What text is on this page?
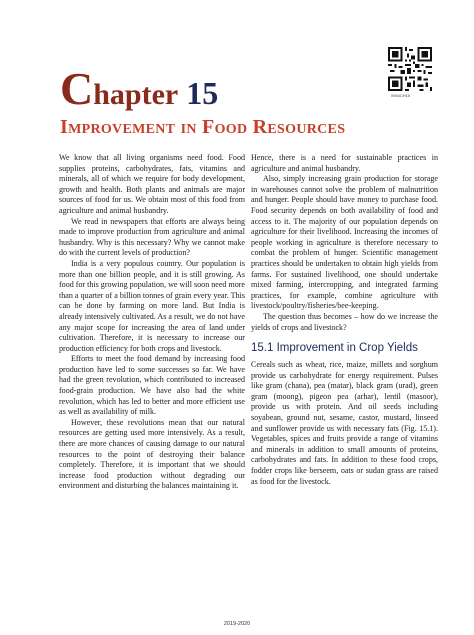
Chapter 15
Improvement in Food Resources
0964CH15

We know that all living organisms need food. Food supplies proteins, carbohydrates, fats, vitamins and minerals, all of which we require for body development, growth and health. Both plants and animals are major sources of food for us. We obtain most of this food from agriculture and animal husbandry.

We read in newspapers that efforts are always being made to improve production from agriculture and animal husbandry. Why is this necessary? Why we cannot make do with the current levels of production?

India is a very populous country. Our population is more than one billion people, and it is still growing. As food for this growing population, we will soon need more than a quarter of a billion tonnes of grain every year. This can be done by farming on more land. But India is already intensively cultivated. As a result, we do not have any major scope for increasing the area of land under cultivation. Therefore, it is necessary to increase our production efficiency for both crops and livestock.

Efforts to meet the food demand by increasing food production have led to some successes so far. We have had the green revolution, which contributed to increased food-grain production. We have also had the white revolution, which has led to better and more efficient use as well as availability of milk.

However, these revolutions mean that our natural resources are getting used more intensively. As a result, there are more chances of causing damage to our natural resources to the point of destroying their balance completely. Therefore, it is important that we should increase food production without degrading our environment and disturbing the balances maintaining it.

Hence, there is a need for sustainable practices in agriculture and animal husbandry.

Also, simply increasing grain production for storage in warehouses cannot solve the problem of malnutrition and hunger. People should have money to purchase food. Food security depends on both availability of food and access to it. The majority of our population depends on agriculture for their livelihood. Increasing the incomes of people working in agriculture is therefore necessary to combat the problem of hunger. Scientific management practices should be undertaken to obtain high yields from farms. For sustained livelihood, one should undertake mixed farming, intercropping, and integrated farming practices, for example, combine agriculture with livestock/poultry/fisheries/bee-keeping.

The question thus becomes – how do we increase the yields of crops and livestock?

15.1 Improvement in Crop Yields

Cereals such as wheat, rice, maize, millets and sorghum provide us carbohydrate for energy requirement. Pulses like gram (chana), pea (matar), black gram (urad), green gram (moong), pigeon pea (arhar), lentil (masoor), provide us with protein. And oil seeds including soyabean, ground nut, sesame, castor, mustard, linseed and sunflower provide us with necessary fats (Fig. 15.1). Vegetables, spices and fruits provide a range of vitamins and minerals in addition to small amounts of proteins, carbohydrates and fats. In addition to these food crops, fodder crops like berseem, oats or sudan grass are raised as food for the livestock.

2019-2020
